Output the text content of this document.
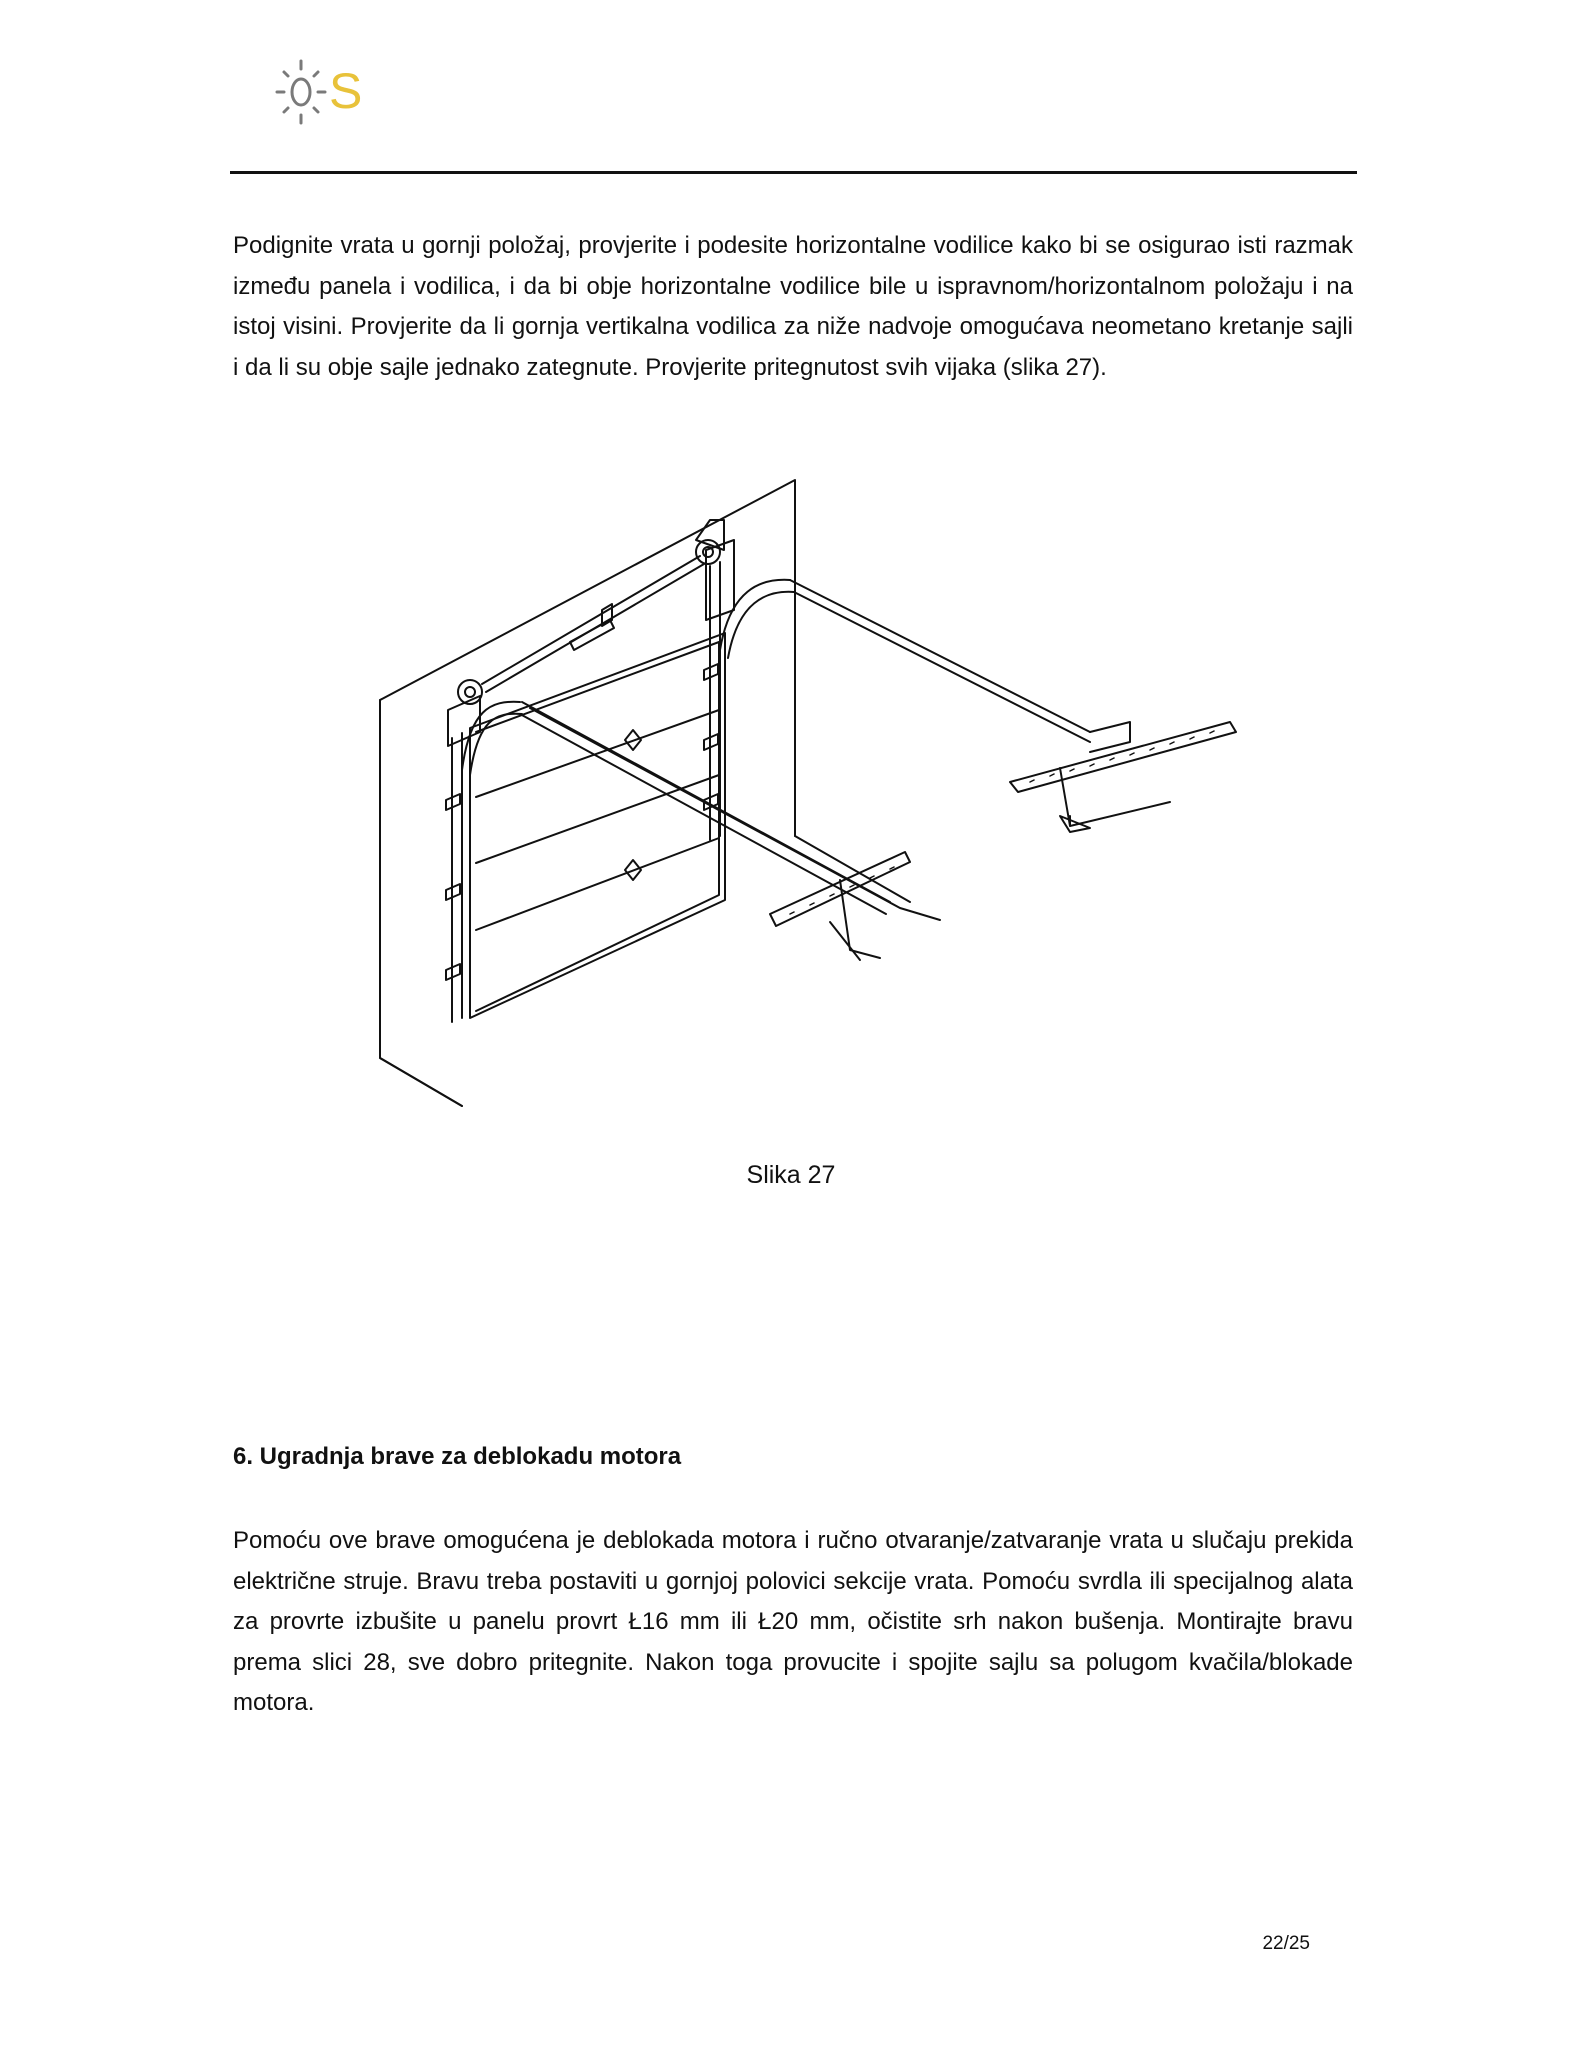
S

Podignite vrata u gornji položaj, provjerite i podesite horizontalne vodilice kako bi se osigurao isti razmak između panela i vodilica, i da bi obje horizontalne vodilice bile u ispravnom/horizontalnom položaju i na istoj visini. Provjerite da li gornja vertikalna vodilica za niže nadvoje omogućava neometano kretanje sajli i da li su obje sajle jednako zategnute. Provjerite pritegnutost svih vijaka (slika 27).

Slika 27

6. Ugradnja brave za deblokadu motora

Pomoću ove brave omogućena je deblokada motora i ručno otvaranje/zatvaranje vrata u slučaju prekida električne struje. Bravu treba postaviti u gornjoj polovici sekcije vrata. Pomoću svrdla ili specijalnog alata za provrte izbušite u panelu provrt Ł16 mm ili Ł20 mm, očistite srh nakon bušenja. Montirajte bravu prema slici 28, sve dobro pritegnite. Nakon toga provucite i spojite sajlu sa polugom kvačila/blokade motora.

22/25
